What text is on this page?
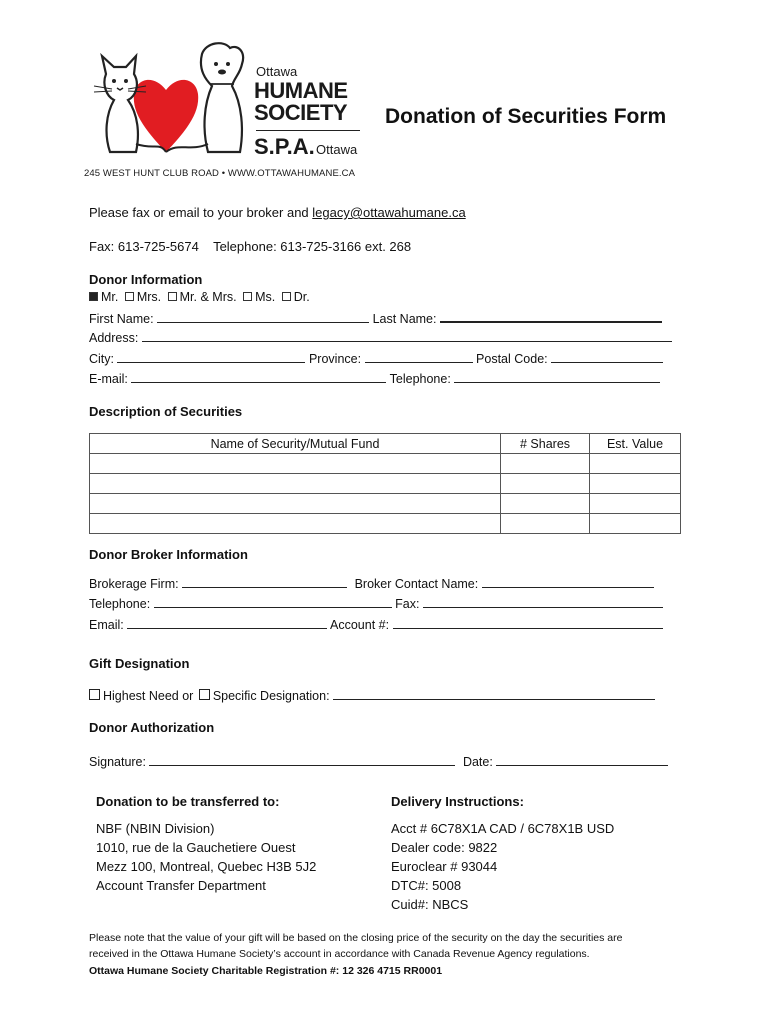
Ottawa
HUMANE
SOCIETY
S.P.A. Ottawa
245 WEST HUNT CLUB ROAD • WWW.OTTAWAHUMANE.CA
Donation of Securities Form
Please fax or email to your broker and legacy@ottawahumane.ca
Fax: 613-725-5674    Telephone: 613-725-3166 ext. 268
Donor Information
Mr. Mrs. Mr. & Mrs. Ms. Dr.
First Name:	Last Name:
Address:
City:	Province:	Postal Code:
E-mail:	Telephone:
Description of Securities
Name of Security/Mutual Fund	# Shares	Est. Value

Donor Broker Information
Brokerage Firm:	Broker Contact Name:
Telephone:	Fax:
Email:	Account #:
Gift Designation
Highest Need or Specific Designation:
Donor Authorization
Signature:	Date:

Donation to be transferred to:

NBF (NBIN Division)

1010, rue de la Gauchetiere Ouest

Mezz 100, Montreal, Quebec H3B 5J2

Account Transfer Department

Delivery Instructions:

Acct # 6C78X1A CAD / 6C78X1B USD

Dealer code: 9822

Euroclear # 93044

DTC#: 5008

Cuid#: NBCS

Please note that the value of your gift will be based on the closing price of the security on the day the securities are
received in the Ottawa Humane Society’s account in accordance with Canada Revenue Agency regulations.
Ottawa Humane Society Charitable Registration #: 12 326 4715 RR0001
